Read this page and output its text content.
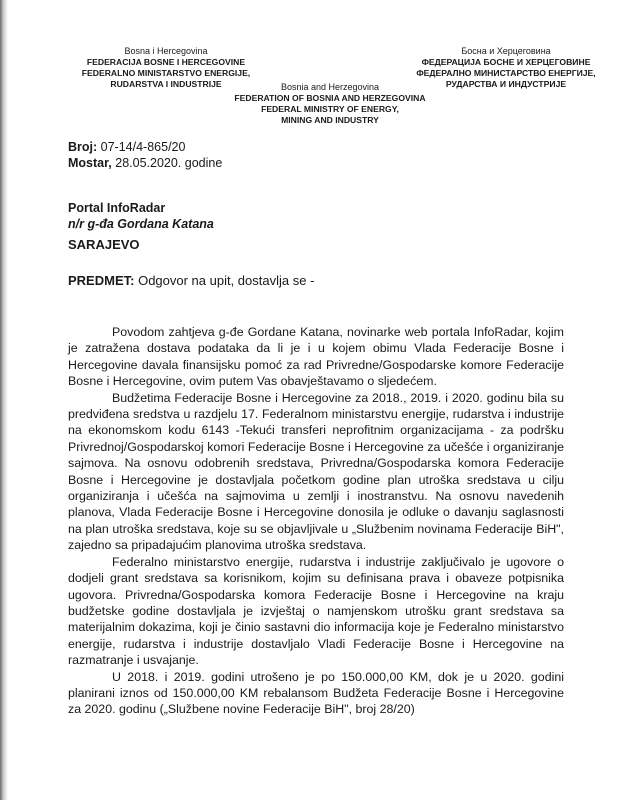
Bosna i Hercegovina
FEDERACIJA BOSNE I HERCEGOVINE
FEDERALNO MINISTARSTVO ENERGIJE,
RUDARSTVA I INDUSTRIJE	Bosnia and Herzegovina
FEDERATION OF BOSNIA AND HERZEGOVINA
FEDERAL MINISTRY OF ENERGY,
MINING AND INDUSTRY
Босна и Херцеговина
ФЕДЕРАЦИЈА БОСНЕ И ХЕРЦЕГОВИНЕ
ФЕДЕРАЛНО МИНИСТАРСТВО ЕНЕРГИЈЕ,
РУДАРСТВА И ИНДУСТРИЈЕ
Broj: 07-14/4-865/20
Mostar, 28.05.2020. godine
Portal InfoRadar
n/r g-đa Gordana Katana
SARAJEVO
PREDMET: Odgovor na upit, dostavlja se -

Povodom zahtjeva g-đe Gordane Katana, novinarke web portala InfoRadar, kojim je zatražena dostava podataka da li je i u kojem obimu Vlada Federacije Bosne i Hercegovine davala finansijsku pomoć za rad Privredne/Gospodarske komore Federacije Bosne i Hercegovine, ovim putem Vas obavještavamo o sljedećem.

Budžetima Federacije Bosne i Hercegovine za 2018., 2019. i 2020. godinu bila su predviđena sredstva u razdjelu 17. Federalnom ministarstvu energije, rudarstva i industrije na ekonomskom kodu 6143 -Tekući transferi neprofitnim organizacijama - za podršku Privrednoj/Gospodarskoj komori Federacije Bosne i Hercegovine za učešće i organiziranje sajmova. Na osnovu odobrenih sredstava, Privredna/Gospodarska komora Federacije Bosne i Hercegovine je dostavljala početkom godine plan utroška sredstava u cilju organiziranja i učešća na sajmovima u zemlji i inostranstvu. Na osnovu navedenih planova, Vlada Federacije Bosne i Hercegovine donosila je odluke o davanju saglasnosti na plan utroška sredstava, koje su se objavljivale u „Službenim novinama Federacije BiH", zajedno sa pripadajućim planovima utroška sredstava.

Federalno ministarstvo energije, rudarstva i industrije zaključivalo je ugovore o dodjeli grant sredstava sa korisnikom, kojim su definisana prava i obaveze potpisnika ugovora. Privredna/Gospodarska komora Federacije Bosne i Hercegovine na kraju budžetske godine dostavljala je izvještaj o namjenskom utrošku grant sredstava sa materijalnim dokazima, koji je činio sastavni dio informacija koje je Federalno ministarstvo energije, rudarstva i industrije dostavljalo Vladi Federacije Bosne i Hercegovine na razmatranje i usvajanje.

U 2018. i 2019. godini utrošeno je po 150.000,00 KM, dok je u 2020. godini planirani iznos od 150.000,00 KM rebalansom Budžeta Federacije Bosne i Hercegovine za 2020. godinu („Službene novine Federacije BiH", broj 28/20)
